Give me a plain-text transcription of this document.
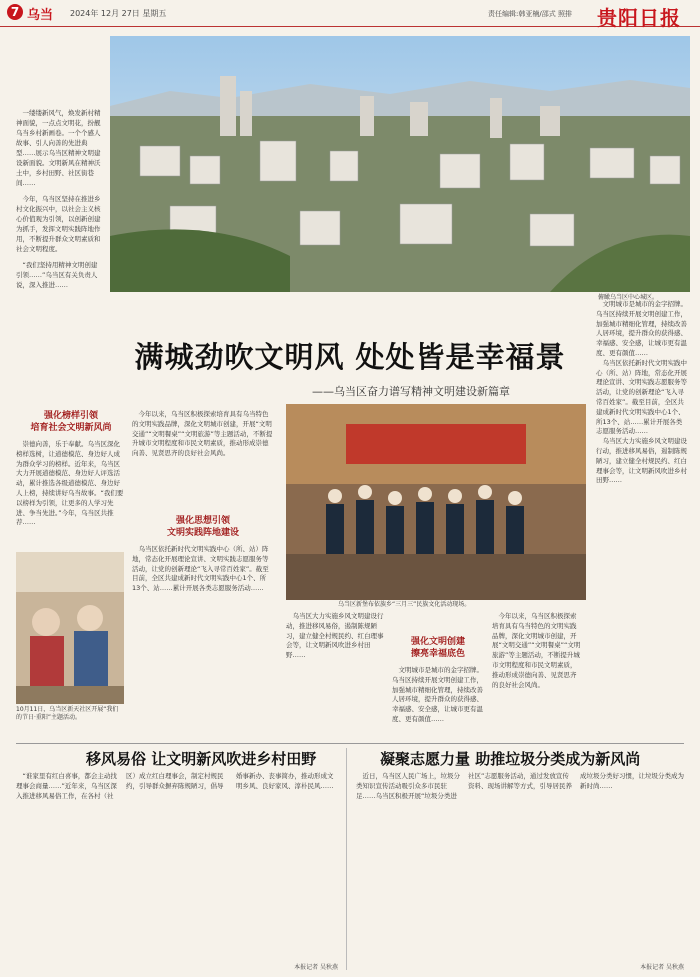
7 乌当 2024年 12月 27日 星期五	责任编辑:韩亚楠/邵式 照排 贵阳日报

一缕缕新风气，焕发新村精神面貌，一点点文明花，扮靓乌当乡村新画卷。一个个感人故事、引人向善的先进典型……展示乌当区精神文明建设新面貌。文明新风在精神沃土中，乡村田野、社区街巷间……

今年，乌当区坚持在推进乡村文化振兴中，以社会主义核心价值观为引领，以创新创建为抓手，发挥文明实践阵地作用，不断提升群众文明素质和社会文明程度。

“我们坚持用精神文明创建引领……”乌当区有关负责人说，深入推进……

俯瞰乌当区中心城区。
满城劲吹文明风 处处皆是幸福景
——乌当区奋力谱写精神文明建设新篇章
强化榜样引领
培育社会文明新风尚

崇德向善，乐于奉献。乌当区深化榜样选树，让道德模范、身边好人成为群众学习的榜样。近年来，乌当区大力开展道德模范、身边好人评选活动，累计推选各级道德模范、身边好人上榜，持续讲好乌当故事。“我们要以榜样为引领，让更多的人学习先进、争当先进。”今年，乌当区共推荐……

10月11日，乌当区新天社区开展“我们的节日·重阳”主题活动。

今年以来，乌当区积极探索培育具有乌当特色的文明实践品牌，深化文明城市创建，开展“文明交通”“文明餐桌”“文明旅游”等主题活动，不断提升城市文明程度和市民文明素质，推动形成崇德向善、见贤思齐的良好社会风尚。

强化思想引领
文明实践阵地建设

乌当区依托新时代文明实践中心（所、站）阵地，常态化开展理论宣讲、文明实践志愿服务等活动，让党的创新理论“飞入寻常百姓家”。截至目前，全区共建成新时代文明实践中心1个、所13个、站……累计开展各类志愿服务活动……

乌当区新堡布依族乡“三月三”民族文化活动现场。

乌当区大力实施乡风文明建设行动，推进移风易俗，遏制陈规陋习，建立健全村规民约、红白理事会等，让文明新风吹进乡村田野……

强化文明创建
擦亮幸福底色

文明城市是城市的金字招牌。乌当区持续开展文明创建工作，加强城市精细化管理，持续改善人居环境，提升群众的获得感、幸福感、安全感，让城市更有温度、更有颜值……

今年以来，乌当区积极探索培育具有乌当特色的文明实践品牌，深化文明城市创建，开展“文明交通”“文明餐桌”“文明旅游”等主题活动，不断提升城市文明程度和市民文明素质，推动形成崇德向善、见贤思齐的良好社会风尚。

文明城市是城市的金字招牌。乌当区持续开展文明创建工作，加强城市精细化管理，持续改善人居环境，提升群众的获得感、幸福感、安全感，让城市更有温度、更有颜值……

乌当区依托新时代文明实践中心（所、站）阵地，常态化开展理论宣讲、文明实践志愿服务等活动，让党的创新理论“飞入寻常百姓家”。截至目前，全区共建成新时代文明实践中心1个、所13个、站……累计开展各类志愿服务活动……

乌当区大力实施乡风文明建设行动，推进移风易俗，遏制陈规陋习，建立健全村规民约、红白理事会等，让文明新风吹进乡村田野……

移风易俗 让文明新风吹进乡村田野

“谁家里有红白喜事，都会主动找理事会商量……”近年来，乌当区深入推进移风易俗工作，在各村（社区）成立红白理事会，制定村规民约，引导群众摒弃陈规陋习，倡导婚事新办、丧事简办，推动形成文明乡风、良好家风、淳朴民风……

本报记者 吴秋燕
凝聚志愿力量 助推垃圾分类成为新风尚

近日，乌当区人民广场上，垃圾分类知识宣传活动吸引众多市民驻足……乌当区积极开展“垃圾分类进社区”志愿服务活动，通过发放宣传资料、现场讲解等方式，引导居民养成垃圾分类好习惯，让垃圾分类成为新时尚……

本报记者 吴秋燕
